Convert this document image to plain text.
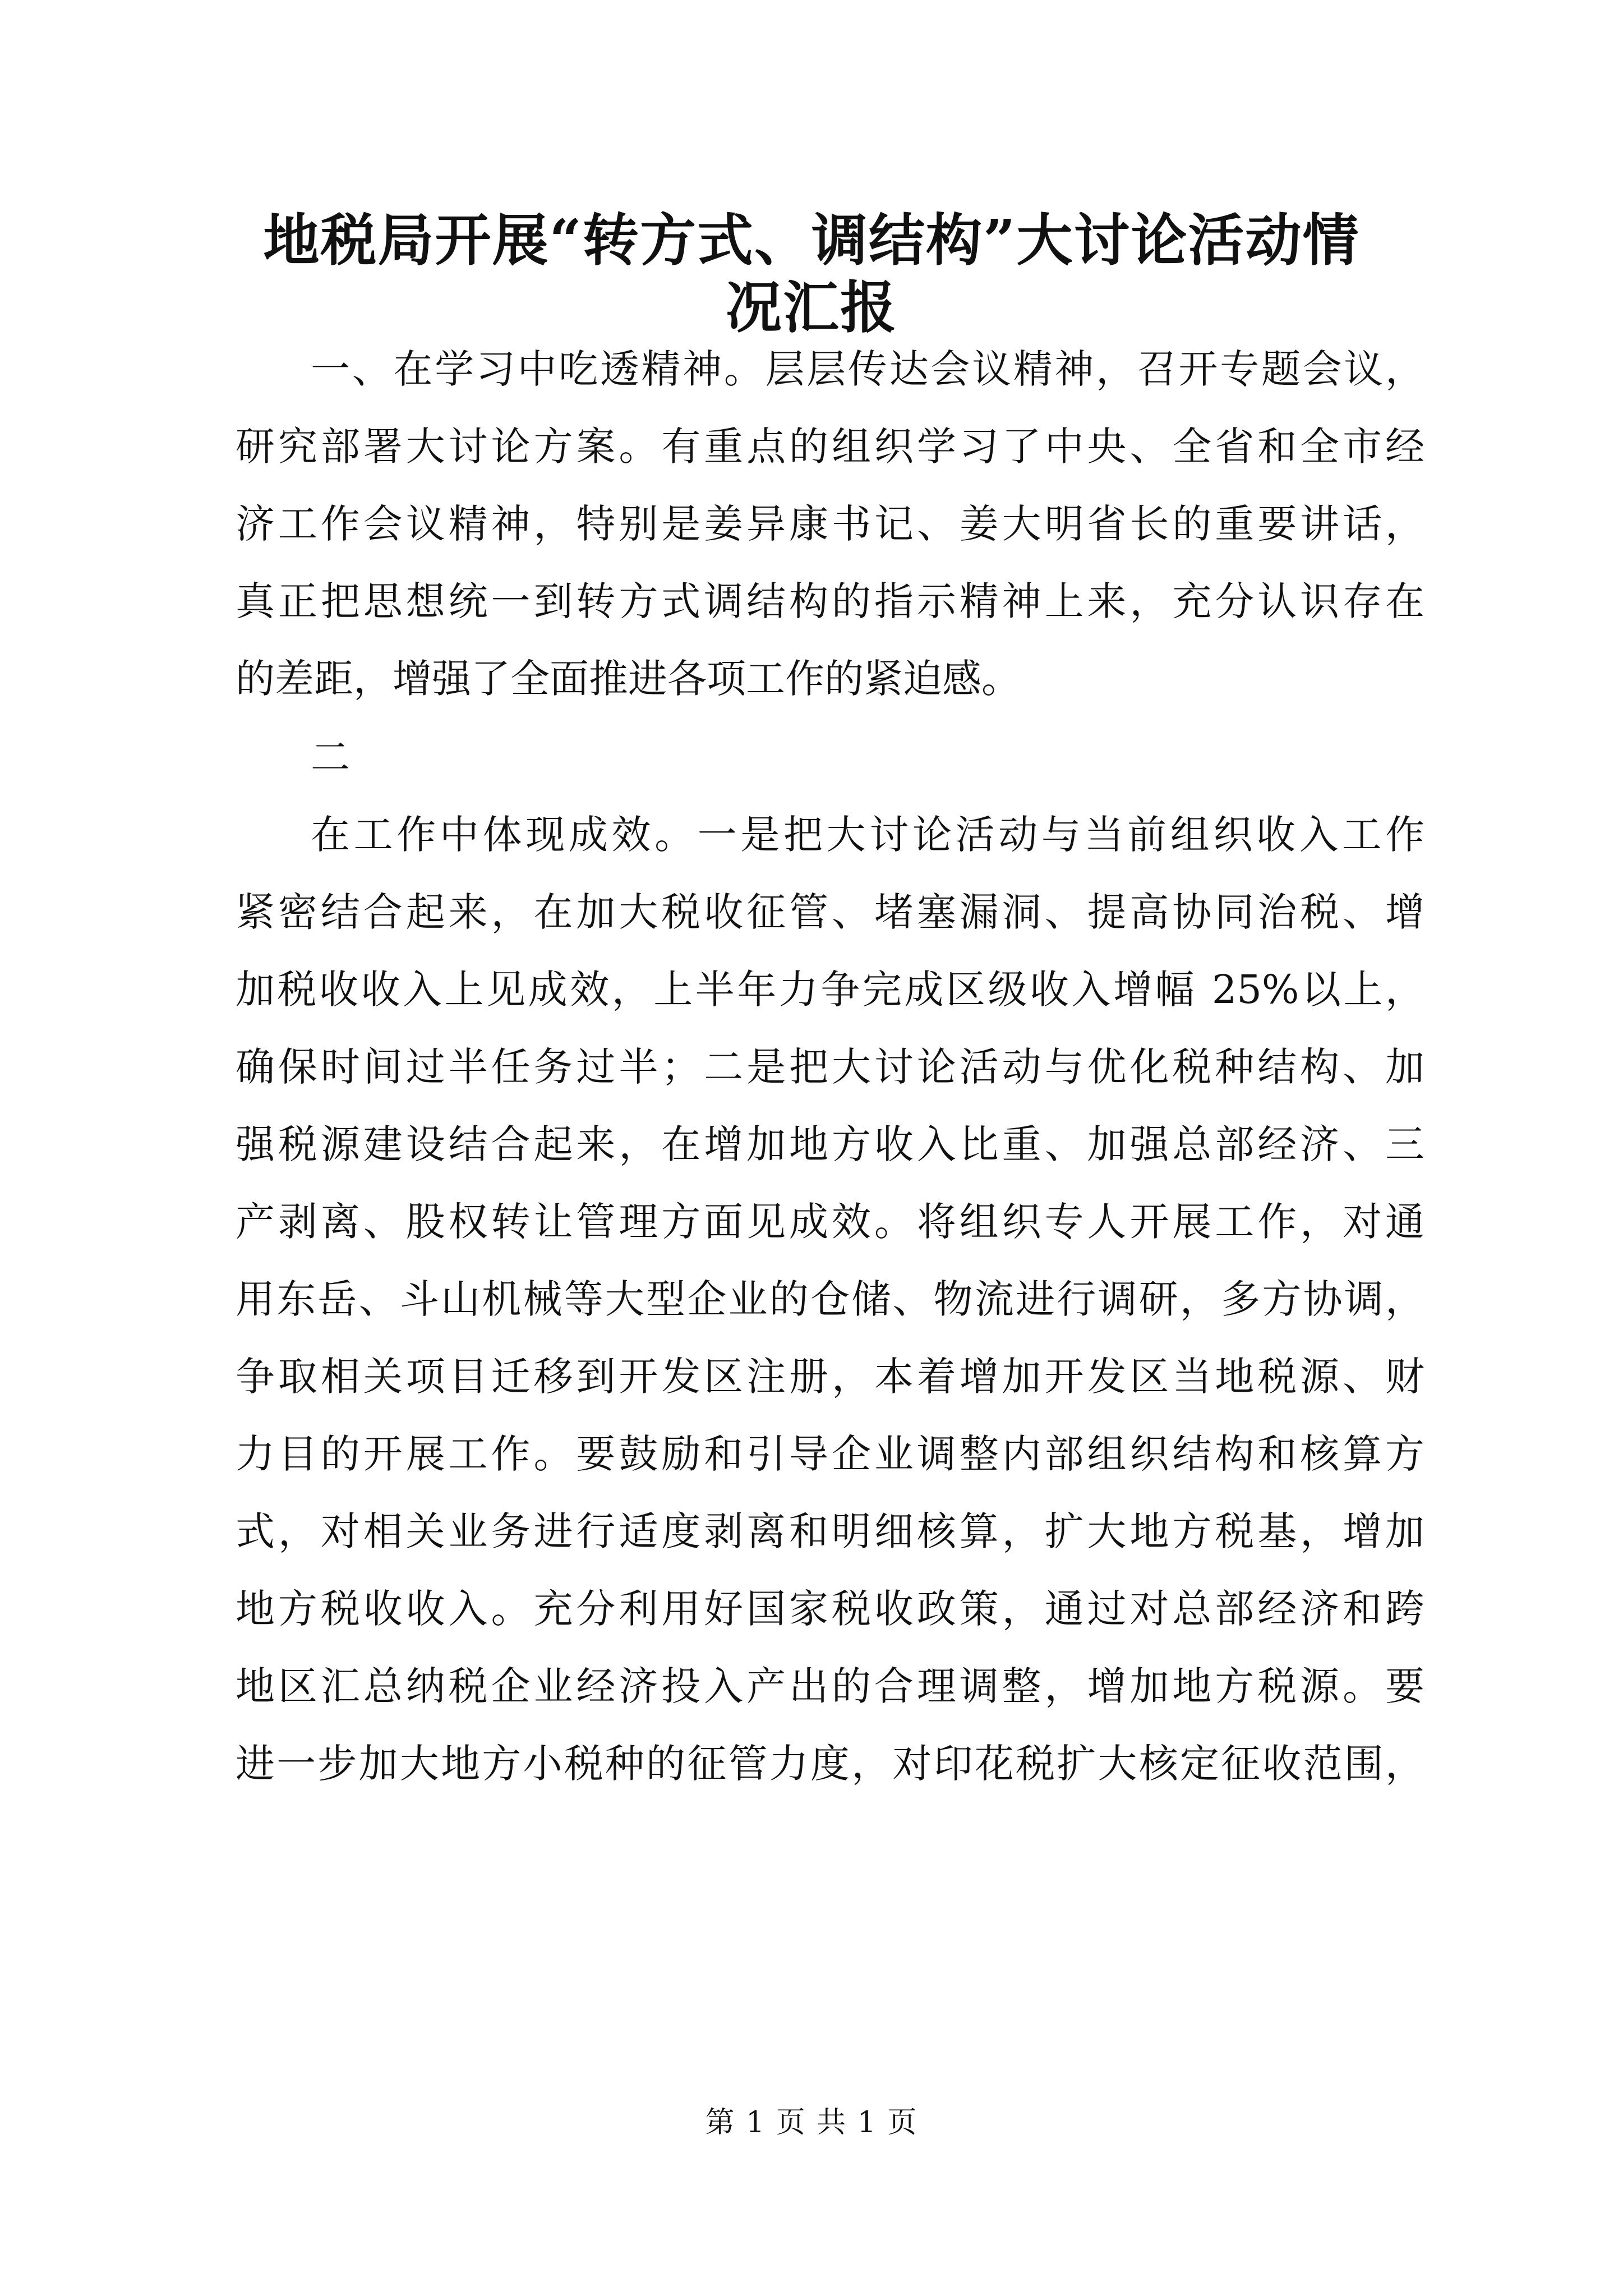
地税局开展“转方式、调结构”大讨论活动情
况汇报

一、在学习中吃透精神。层层传达会议精神，召开专题会议，

研究部署大讨论方案。有重点的组织学习了中央、全省和全市经

济工作会议精神，特别是姜异康书记、姜大明省长的重要讲话，

真正把思想统一到转方式调结构的指示精神上来，充分认识存在

的差距，增强了全面推进各项工作的紧迫感。

二

在工作中体现成效。一是把大讨论活动与当前组织收入工作

紧密结合起来，在加大税收征管、堵塞漏洞、提高协同治税、增

加税收收入上见成效，上半年力争完成区级收入增幅 25%以上，

确保时间过半任务过半；二是把大讨论活动与优化税种结构、加

强税源建设结合起来，在增加地方收入比重、加强总部经济、三

产剥离、股权转让管理方面见成效。将组织专人开展工作，对通

用东岳、斗山机械等大型企业的仓储、物流进行调研，多方协调，

争取相关项目迁移到开发区注册，本着增加开发区当地税源、财

力目的开展工作。要鼓励和引导企业调整内部组织结构和核算方

式，对相关业务进行适度剥离和明细核算，扩大地方税基，增加

地方税收收入。充分利用好国家税收政策，通过对总部经济和跨

地区汇总纳税企业经济投入产出的合理调整，增加地方税源。要

进一步加大地方小税种的征管力度，对印花税扩大核定征收范围，

第 1 页 共 1 页
